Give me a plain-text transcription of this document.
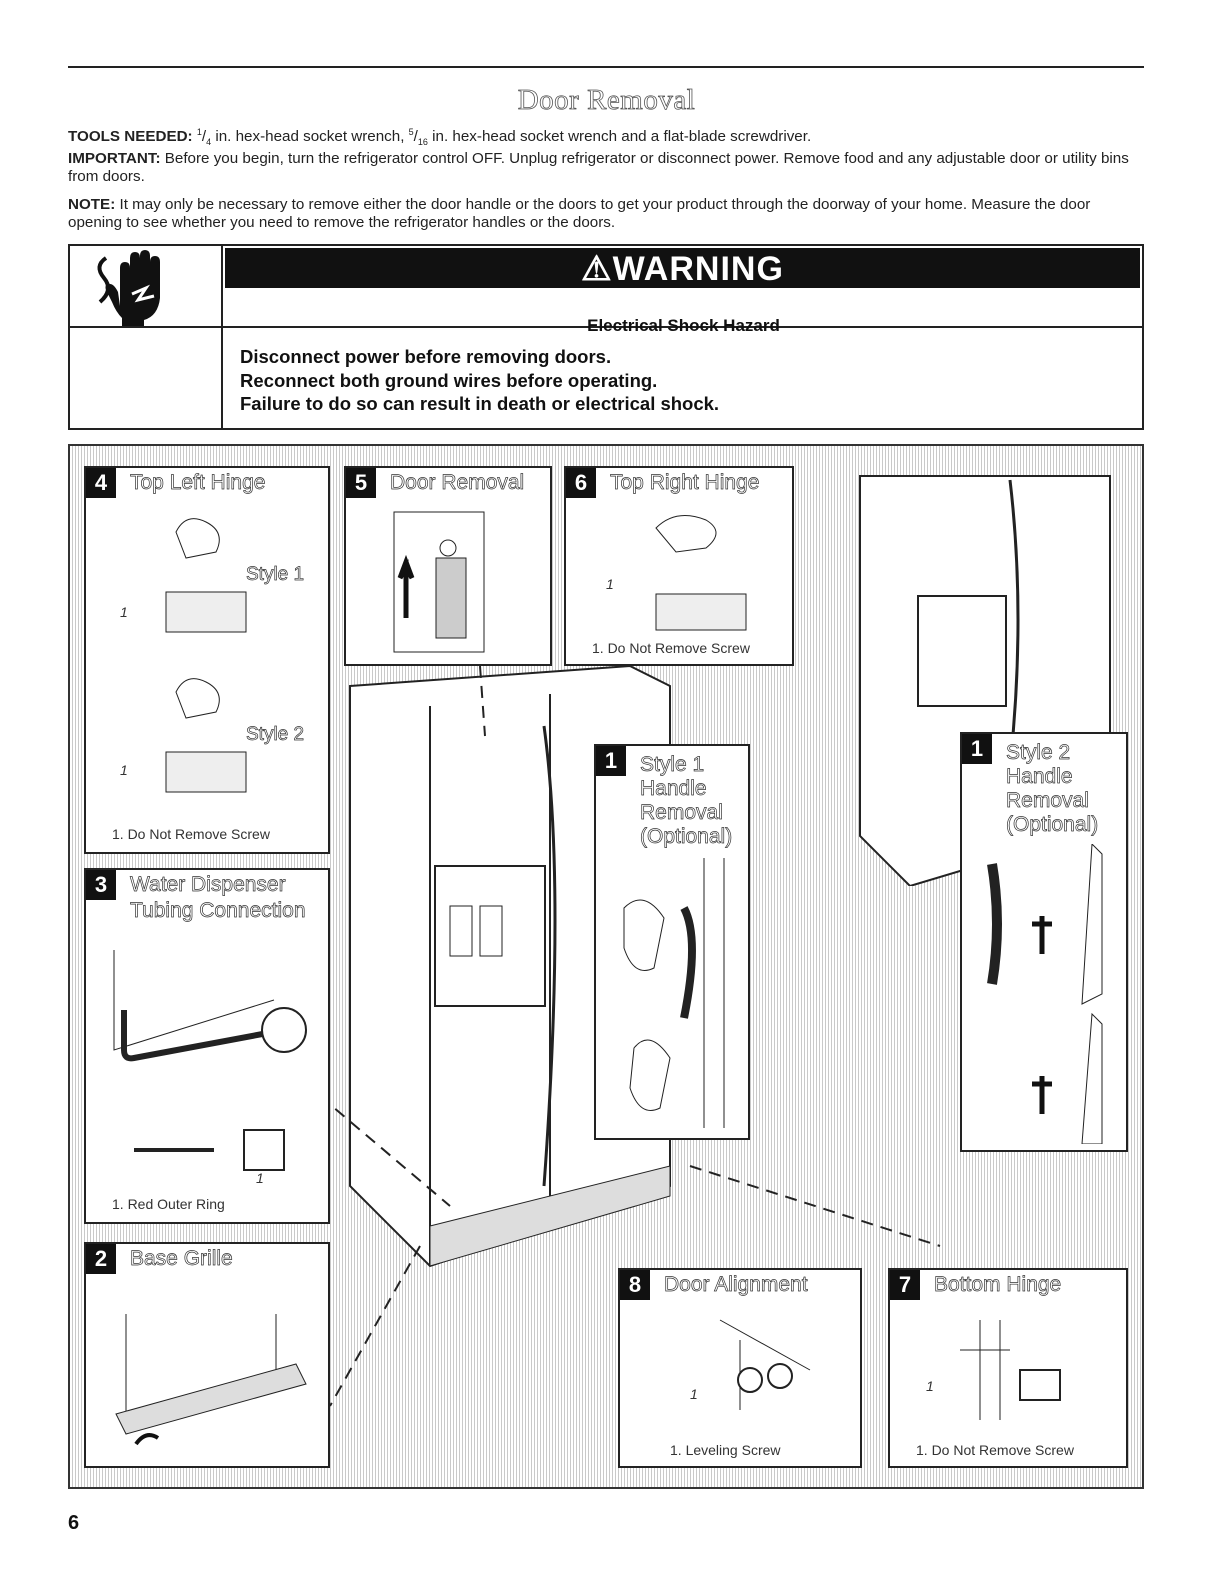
Door Removal
TOOLS NEEDED: $^1/_4$ in. hex-head socket wrench, $^5/_{16}$ in. hex-head socket wrench and a flat-blade screwdriver.
IMPORTANT: Before you begin, turn the refrigerator control OFF. Unplug refrigerator or disconnect power. Remove food and any adjustable door or utility bins from doors.
NOTE: It may only be necessary to remove either the door handle or the doors to get your product through the doorway of your home. Measure the door opening to see whether you need to remove the refrigerator handles or the doors.
⚠WARNING
Electrical Shock Hazard
Disconnect power before removing doors.
Reconnect both ground wires before operating.
Failure to do so can result in death or electrical shock.
4	Top Left Hinge
Style 1
Style 2
1
1
1. Do Not Remove Screw
5	Door Removal	6	Top Right Hinge
1
1. Do Not Remove Screw
3	Water Dispenser
Tubing Connection
1
1. Red Outer Ring
2	Base Grille
1	Style 1
Handle
Removal
(Optional)
1	Style 2
Handle
Removal
(Optional)
8	Door Alignment
1
1. Leveling Screw
7	Bottom Hinge
1
1. Do Not Remove Screw
6
